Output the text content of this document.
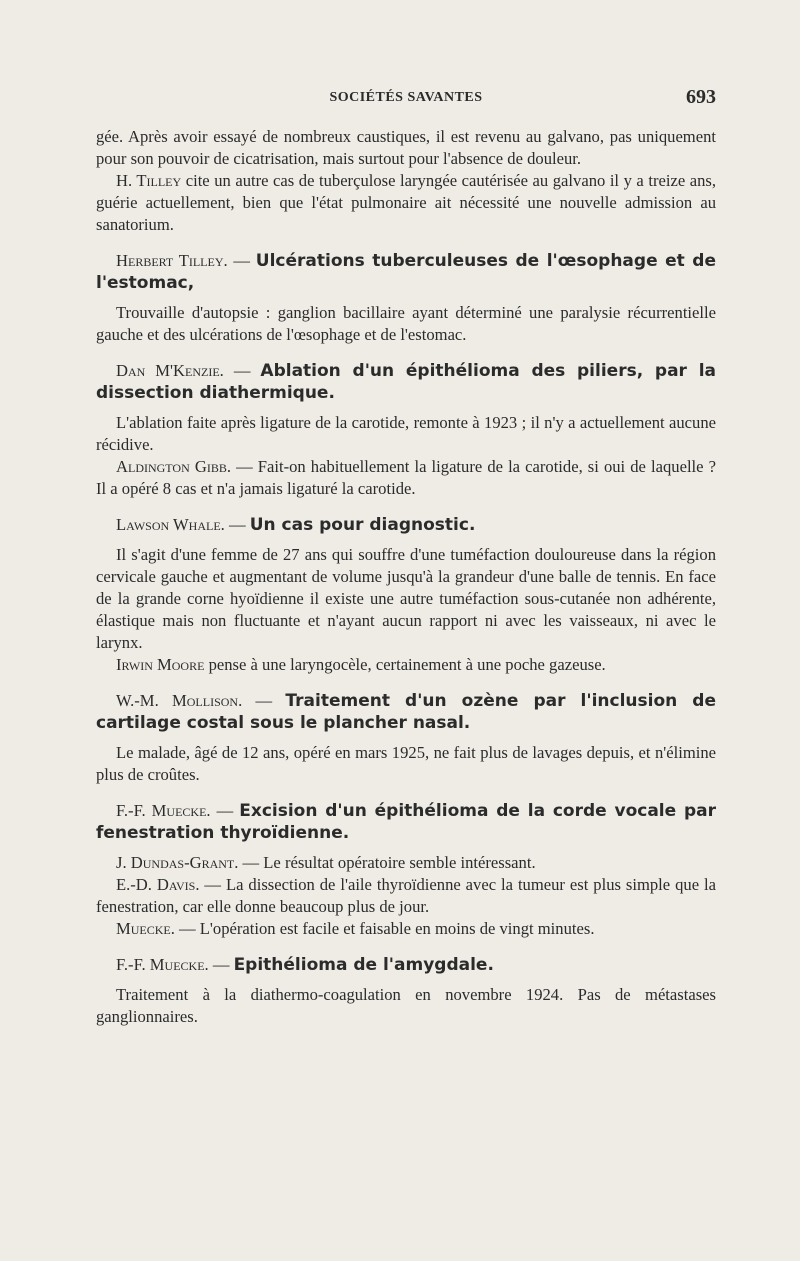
SOCIÉTÉS SAVANTES	693

gée. Après avoir essayé de nombreux caustiques, il est revenu au galvano, pas uniquement pour son pouvoir de cicatrisation, mais surtout pour l'absence de douleur.

H. Tilley cite un autre cas de tuberçulose laryngée cautérisée au galvano il y a treize ans, guérie actuellement, bien que l'état pulmonaire ait nécessité une nouvelle admission au sanatorium.

Herbert Tilley. — Ulcérations tuberculeuses de l'œsophage et de l'estomac,

Trouvaille d'autopsie : ganglion bacillaire ayant déterminé une paralysie récurrentielle gauche et des ulcérations de l'œsophage et de l'estomac.

Dan M'Kenzie. — Ablation d'un épithélioma des piliers, par la dissection diathermique.

L'ablation faite après ligature de la carotide, remonte à 1923 ; il n'y a actuellement aucune récidive.

Aldington Gibb. — Fait-on habituellement la ligature de la carotide, si oui de laquelle ? Il a opéré 8 cas et n'a jamais ligaturé la carotide.

Lawson Whale. — Un cas pour diagnostic.

Il s'agit d'une femme de 27 ans qui souffre d'une tuméfaction douloureuse dans la région cervicale gauche et augmentant de volume jusqu'à la grandeur d'une balle de tennis. En face de la grande corne hyoïdienne il existe une autre tuméfaction sous-cutanée non adhérente, élastique mais non fluctuante et n'ayant aucun rapport ni avec les vaisseaux, ni avec le larynx.

Irwin Moore pense à une laryngocèle, certainement à une poche gazeuse.

W.-M. Mollison. — Traitement d'un ozène par l'inclusion de cartilage costal sous le plancher nasal.

Le malade, âgé de 12 ans, opéré en mars 1925, ne fait plus de lavages depuis, et n'élimine plus de croûtes.

F.-F. Muecke. — Excision d'un épithélioma de la corde vocale par fenestration thyroïdienne.

J. Dundas-Grant. — Le résultat opératoire semble intéressant.

E.-D. Davis. — La dissection de l'aile thyroïdienne avec la tumeur est plus simple que la fenestration, car elle donne beaucoup plus de jour.

Muecke. — L'opération est facile et faisable en moins de vingt minutes.

F.-F. Muecke. — Epithélioma de l'amygdale.

Traitement à la diathermo-coagulation en novembre 1924. Pas de métastases ganglionnaires.
